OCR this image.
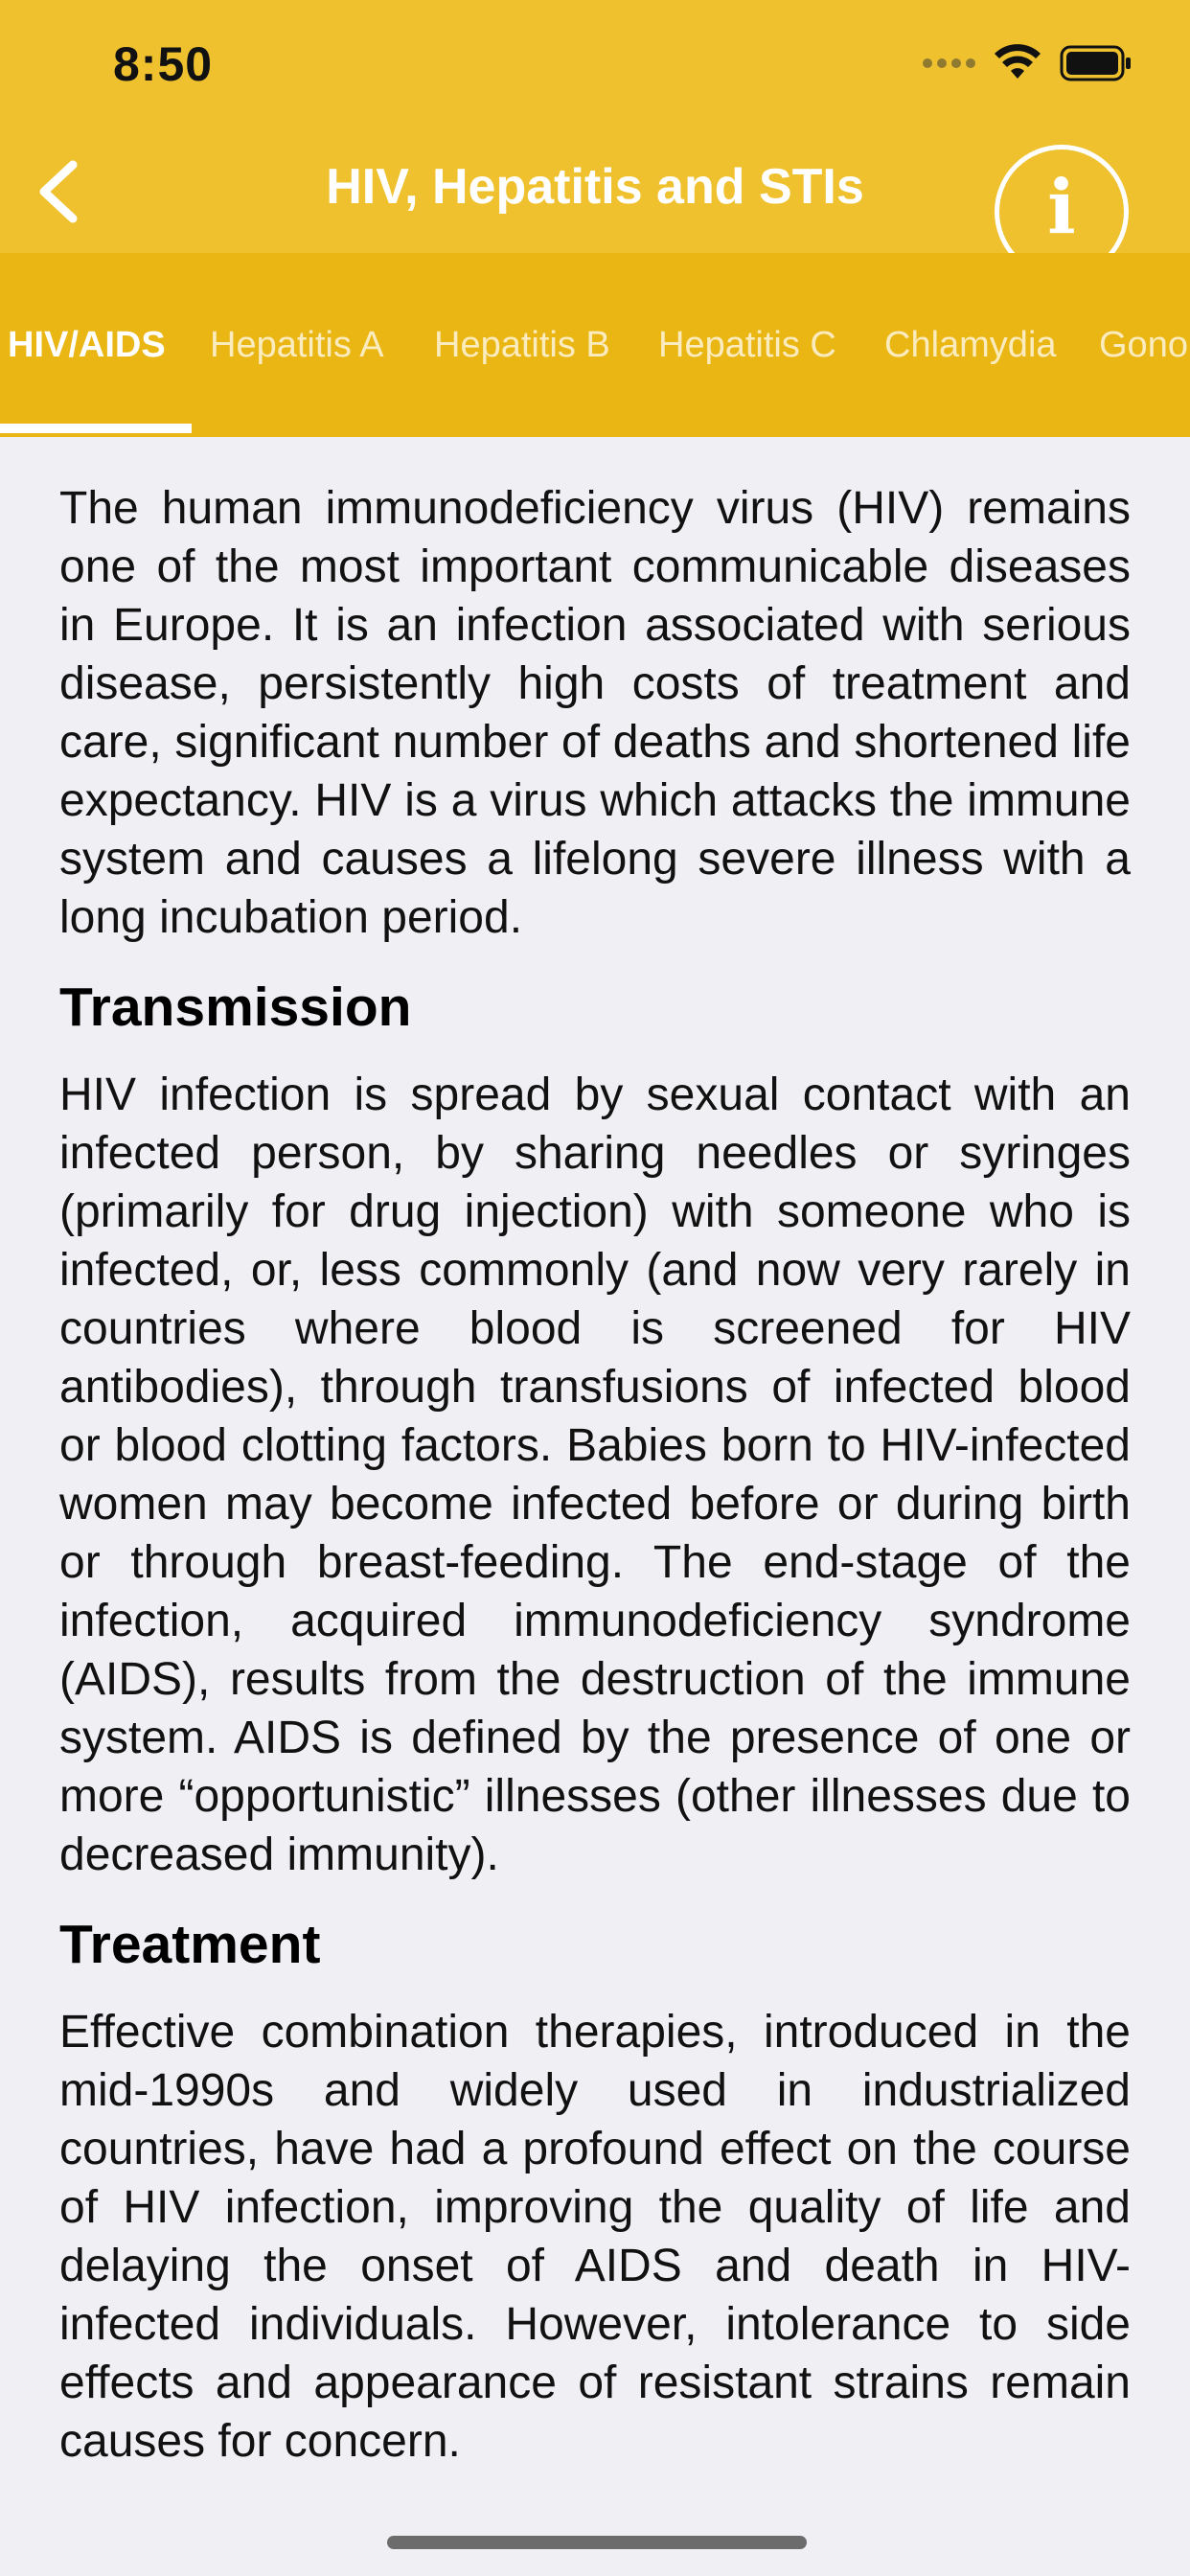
8:50
HIV, Hepatitis and STIs	i
HIV/AIDS Hepatitis A Hepatitis B Hepatitis C Chlamydia Gono

The human immunodeficiency virus (HIV) remains one of the most important communicable diseases in Europe. It is an infection associated with serious disease, persistently high costs of treatment and care, significant number of deaths and shortened life expectancy. HIV is a virus which attacks the immune system and causes a lifelong severe illness with a long incubation period.

Transmission

HIV infection is spread by sexual contact with an infected person, by sharing needles or syringes (primarily for drug injection) with someone who is infected, or, less commonly (and now very rarely in countries where blood is screened for HIV antibodies), through transfusions of infected blood or blood clotting factors. Babies born to HIV-infected women may become infected before or during birth or through breast-feeding. The end-stage of the infection, acquired immunodeficiency syndrome (AIDS), results from the destruction of the immune system. AIDS is defined by the presence of one or more “opportunistic” illnesses (other illnesses due to decreased immunity).

Treatment

Effective combination therapies, introduced in the mid-1990s and widely used in industrialized countries, have had a profound effect on the course of HIV infection, improving the quality of life and delaying the onset of AIDS and death in HIV-infected individuals. However, intolerance to side effects and appearance of resistant strains remain causes for concern.
